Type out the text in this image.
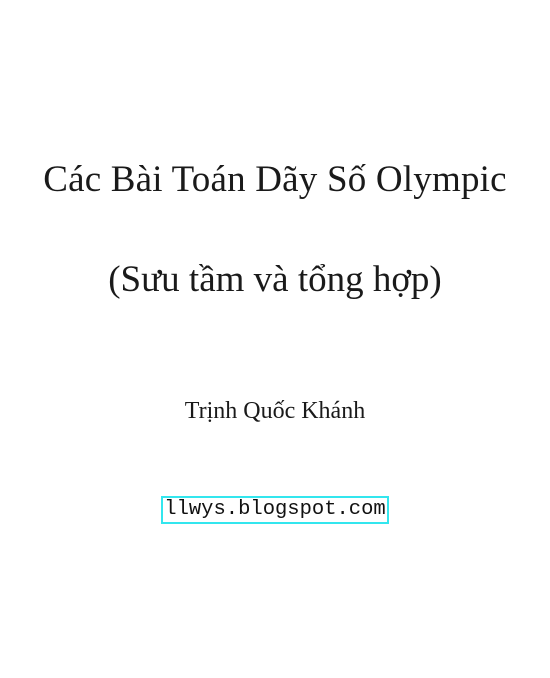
Các Bài Toán Dãy Số Olympic
(Sưu tầm và tổng hợp)
Trịnh Quốc Khánh
llwys.blogspot.com
